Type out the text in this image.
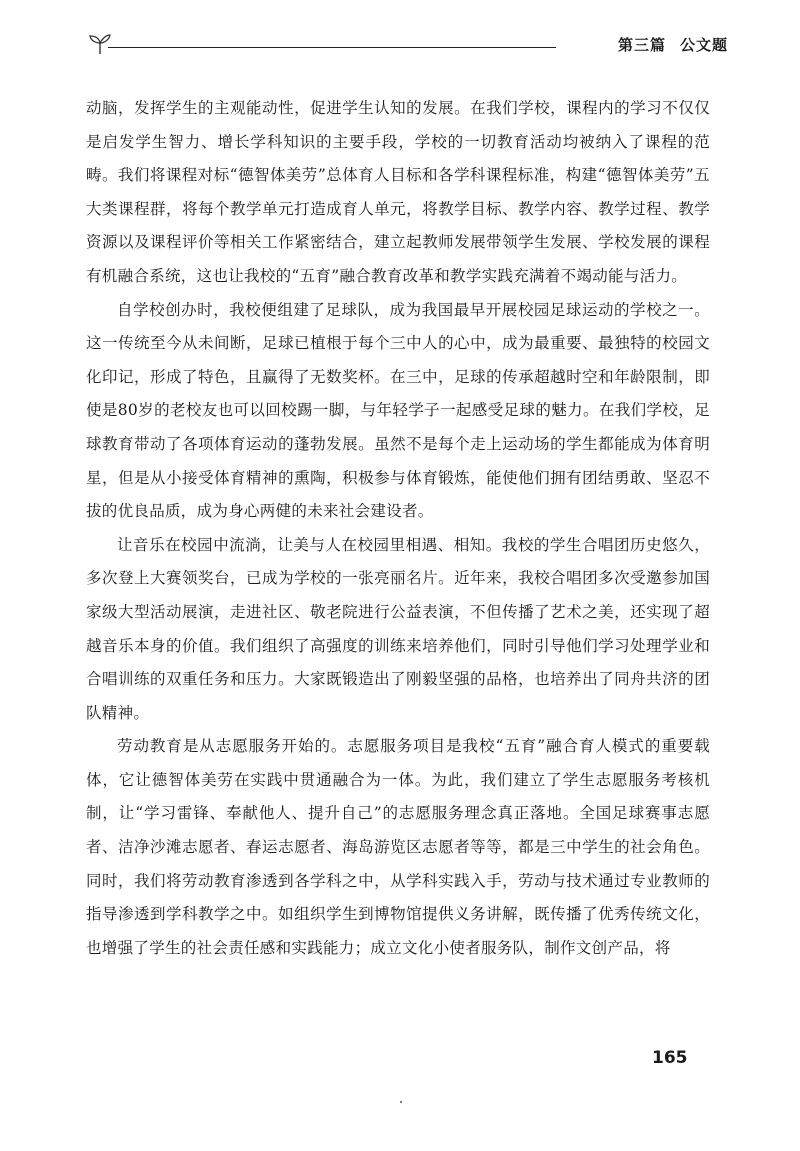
第三篇 公文题

动脑，发挥学生的主观能动性，促进学生认知的发展。在我们学校，课程内的学习不仅仅是启发学生智力、增长学科知识的主要手段，学校的一切教育活动均被纳入了课程的范畴。我们将课程对标“德智体美劳”总体育人目标和各学科课程标准，构建“德智体美劳”五大类课程群，将每个教学单元打造成育人单元，将教学目标、教学内容、教学过程、教学资源以及课程评价等相关工作紧密结合，建立起教师发展带领学生发展、学校发展的课程有机融合系统，这也让我校的“五育”融合教育改革和教学实践充满着不竭动能与活力。

自学校创办时，我校便组建了足球队，成为我国最早开展校园足球运动的学校之一。这一传统至今从未间断，足球已植根于每个三中人的心中，成为最重要、最独特的校园文化印记，形成了特色，且赢得了无数奖杯。在三中，足球的传承超越时空和年龄限制，即使是80岁的老校友也可以回校踢一脚，与年轻学子一起感受足球的魅力。在我们学校，足球教育带动了各项体育运动的蓬勃发展。虽然不是每个走上运动场的学生都能成为体育明星，但是从小接受体育精神的熏陶，积极参与体育锻炼，能使他们拥有团结勇敢、坚忍不拔的优良品质，成为身心两健的未来社会建设者。

让音乐在校园中流淌，让美与人在校园里相遇、相知。我校的学生合唱团历史悠久，多次登上大赛领奖台，已成为学校的一张亮丽名片。近年来，我校合唱团多次受邀参加国家级大型活动展演，走进社区、敬老院进行公益表演，不但传播了艺术之美，还实现了超越音乐本身的价值。我们组织了高强度的训练来培养他们，同时引导他们学习处理学业和合唱训练的双重任务和压力。大家既锻造出了刚毅坚强的品格，也培养出了同舟共济的团队精神。

劳动教育是从志愿服务开始的。志愿服务项目是我校“五育”融合育人模式的重要载体，它让德智体美劳在实践中贯通融合为一体。为此，我们建立了学生志愿服务考核机制，让“学习雷锋、奉献他人、提升自己”的志愿服务理念真正落地。全国足球赛事志愿者、洁净沙滩志愿者、春运志愿者、海岛游览区志愿者等等，都是三中学生的社会角色。同时，我们将劳动教育渗透到各学科之中，从学科实践入手，劳动与技术通过专业教师的指导渗透到学科教学之中。如组织学生到博物馆提供义务讲解，既传播了优秀传统文化，也增强了学生的社会责任感和实践能力；成立文化小使者服务队，制作文创产品，将

165
